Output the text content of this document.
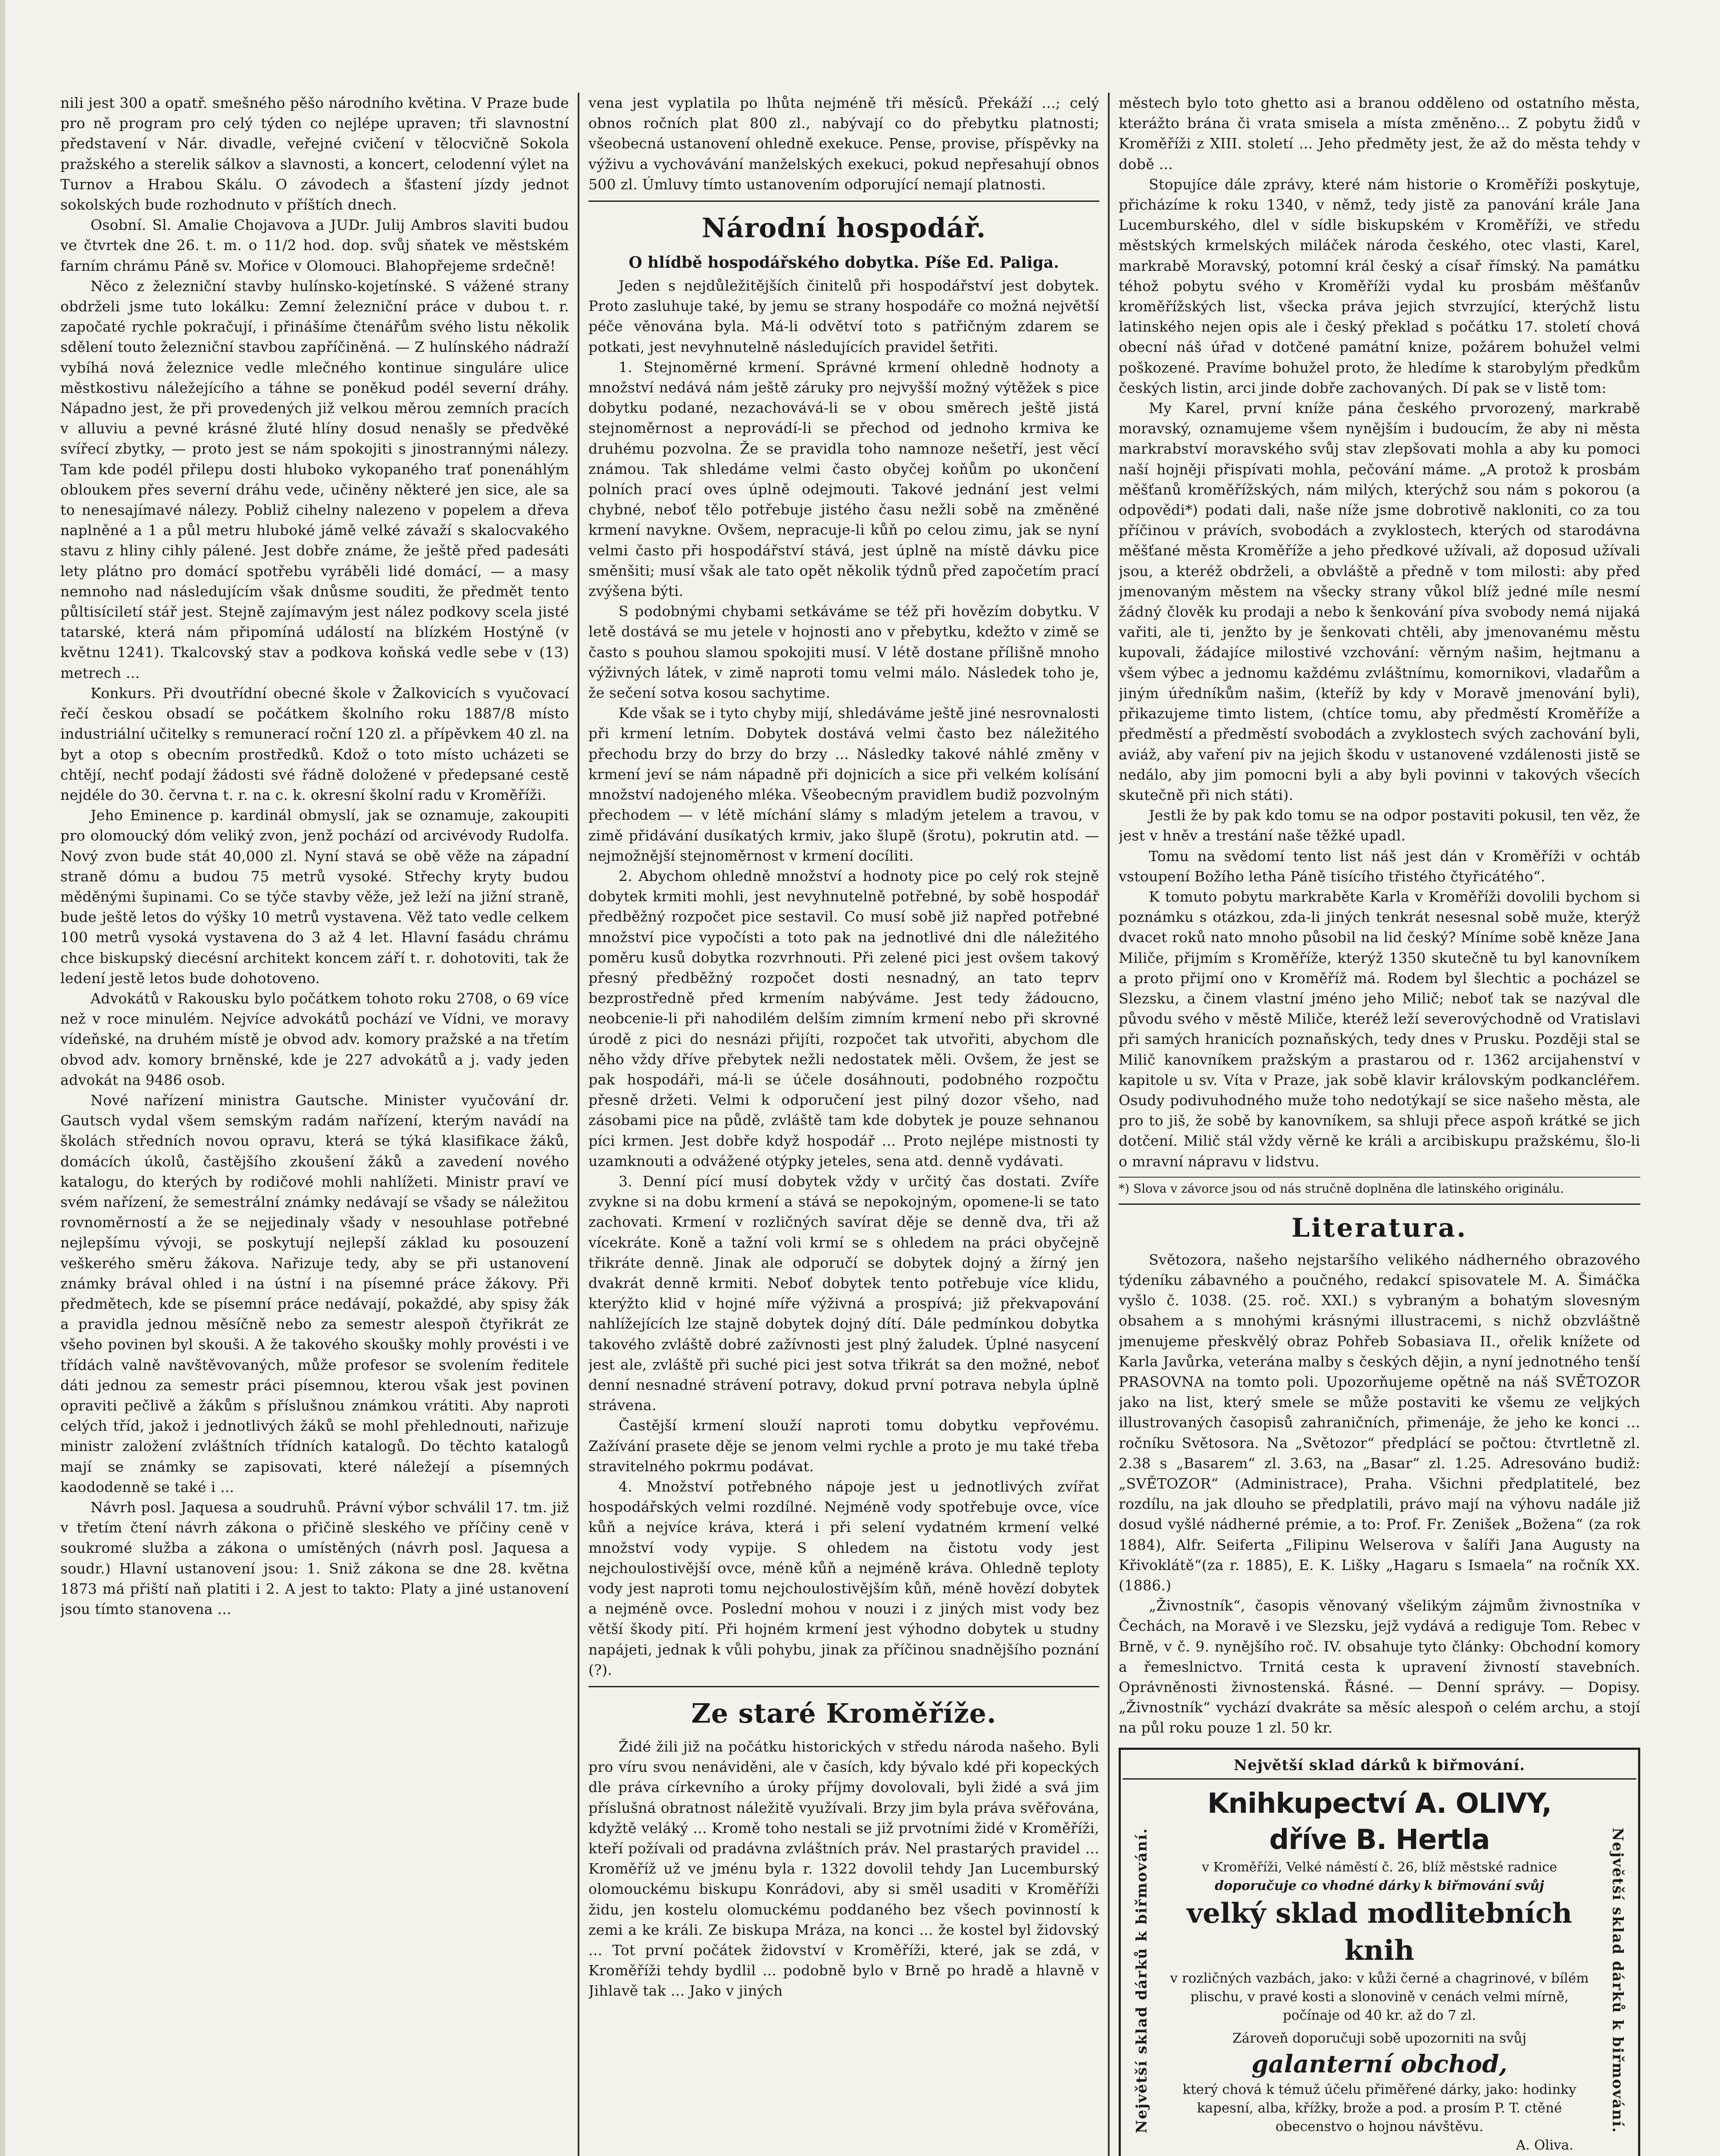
nili jest 300 a opatř. smešného pěšo národního květina. V Praze bude pro ně program pro celý týden co nejlépe upraven; tři slavnostní představení v Nár. divadle, veřejné cvičení v tělocvičně Sokola pražského a sterelik sálkov a slavnosti, a koncert, celodenní výlet na Turnov a Hrabou Skálu. O závodech a šťastení jízdy jednot sokolských bude rozhodnuto v příštích dnech.

Osobní. Sl. Amalie Chojavova a JUDr. Julij Ambros slaviti budou ve čtvrtek dne 26. t. m. o 11/2 hod. dop. svůj sňatek ve městském farním chrámu Páně sv. Mořice v Olomouci. Blahopřejeme srdečně!

Něco z železniční stavby hulínsko-kojetínské. S vážené strany obdrželi jsme tuto lokálku: Zemní železniční práce v dubou t. r. započaté rychle pokračují, i přinášíme čtenářům svého listu několik sdělení touto železniční stavbou zapříčiněná. — Z hulínského nádraží vybíhá nová železnice vedle mlečného kontinue singuláre ulice městkostivu náležejícího a táhne se poněkud podél severní dráhy. Nápadno jest, že při provedených již velkou měrou zemních pracích v alluviu a pevné krásné žluté hlíny dosud nenašly se předvěké svířecí zbytky, — proto jest se nám spokojiti s jinostrannými nálezy. Tam kde podél přilepu dosti hluboko vykopaného trať ponenáhlým obloukem přes severní dráhu vede, učiněny některé jen sice, ale sa to nenesajímavé nálezy. Pobliž cihelny nalezeno v popelem a dřeva naplněné a 1 a půl metru hluboké jámě velké závaží s skalocvakého stavu z hliny cihly pálené. Jest dobře známe, že ještě před padesáti lety plátno pro domácí spotřebu vyráběli lidé domácí, — a masy nemnoho nad následujícím však dnůsme souditi, že předmět tento půltisíciletí stář jest. Stejně zajímavým jest nález podkovy scela jisté tatarské, která nám připomíná událostí na blízkém Hostýně (v květnu 1241). Tkalcovský stav a podkova koňská vedle sebe v (13) metrech ...

Konkurs. Při dvoutřídní obecné škole v Žalkovicích s vyučovací řečí českou obsadí se počátkem školního roku 1887/8 místo industriální učitelky s remunerací roční 120 zl. a přípěvkem 40 zl. na byt a otop s obecním prostředků. Kdož o toto místo ucházeti se chtějí, nechť podají žádosti své řádně doložené v předepsané cestě nejdéle do 30. června t. r. na c. k. okresní školní radu v Kroměříži.

Jeho Eminence p. kardinál obmyslí, jak se oznamuje, zakoupiti pro olomoucký dóm veliký zvon, jenž pochází od arcivévody Rudolfa. Nový zvon bude stát 40,000 zl. Nyní stavá se obě věže na západní straně dómu a budou 75 metrů vysoké. Střechy kryty budou měděnými šupinami. Co se týče stavby věže, jež leží na jižní straně, bude ještě letos do výšky 10 metrů vystavena. Věž tato vedle celkem 100 metrů vysoká vystavena do 3 až 4 let. Hlavní fasádu chrámu chce biskupský diecésní architekt koncem září t. r. dohotoviti, tak že ledení jestě letos bude dohotoveno.

Advokátů v Rakousku bylo počátkem tohoto roku 2708, o 69 více než v roce minulém. Nejvíce advokátů pochází ve Vídni, ve moravy vídeňské, na druhém místě je obvod adv. komory pražské a na třetím obvod adv. komory brněnské, kde je 227 advokátů a j. vady jeden advokát na 9486 osob.

Nové nařízení ministra Gautsche. Minister vyučování dr. Gautsch vydal všem semským radám nařízení, kterým navádí na školách středních novou opravu, která se týká klasifikace žáků, domácích úkolů, častějšího zkoušení žáků a zavedení nového katalogu, do kterých by rodičové mohli nahlížeti. Ministr praví ve svém nařízení, že semestrální známky nedávají se všady se náležitou rovnoměrností a že se nejjedinaly všady v nesouhlase potřebné nejlepšímu vývoji, se poskytují nejlepší základ ku posouzení veškerého směru žákova. Nařizuje tedy, aby se při ustanovení známky brával ohled i na ústní i na písemné práce žákovy. Při předmětech, kde se písemní práce nedávají, pokaždé, aby spisy žák a pravidla jednou měsíčně nebo za semestr alespoň čtyřikrát ze všeho povinen byl skouši. A že takového skoušky mohly provésti i ve třídách valně navštěvovaných, může profesor se svolením ředitele dáti jednou za semestr práci písemnou, kterou však jest povinen opraviti pečlivě a žákům s příslušnou známkou vrátiti. Aby naproti celých tříd, jakož i jednotlivých žáků se mohl přehlednouti, nařizuje ministr založení zvláštních třídních katalogů. Do těchto katalogů mají se známky se zapisovati, které náležejí a písemných kaododenně se také i ...

Návrh posl. Jaquesa a soudruhů. Právní výbor schválil 17. tm. již v třetím čtení návrh zákona o přičině sleského ve příčiny ceně v soukromé služba a zákona o umístěných (návrh posl. Jaquesa a soudr.) Hlavní ustanovení jsou: 1. Sniž zákona se dne 28. května 1873 má přiští naň platiti i 2. A jest to takto: Platy a jiné ustanovení jsou tímto stanovena ...

vena jest vyplatila po lhůta nejméně tři měsíců. Překáží ...; celý obnos ročních plat 800 zl., nabývají co do přebytku platnosti; všeobecná ustanovení ohledně exekuce. Pense, provise, příspěvky na výživu a vychovávání manželských exekuci, pokud nepřesahují obnos 500 zl. Úmluvy tímto ustanovením odporující nemají platnosti.

Národní hospodář.
O hlídbě hospodářského dobytka. Píše Ed. Paliga.

Jeden s nejdůležitějších činitelů při hospodářství jest dobytek. Proto zasluhuje také, by jemu se strany hospodáře co možná největší péče věnována byla. Má-li odvětví toto s patřičným zdarem se potkati, jest nevyhnutelně následujících pravidel šetřiti.

1. Stejnoměrné krmení. Správné krmení ohledně hodnoty a množství nedává nám ještě záruky pro nejvyšší možný výtěžek s pice dobytku podané, nezachovává-li se v obou směrech ještě jistá stejnoměrnost a neprovádí-li se přechod od jednoho krmiva ke druhému pozvolna. Že se pravidla toho namnoze nešetří, jest věcí známou. Tak shledáme velmi často obyčej koňům po ukončení polních prací oves úplně odejmouti. Takové jednání jest velmi chybné, neboť tělo potřebuje jistého času nežli sobě na změněné krmení navykne. Ovšem, nepracuje-li kůň po celou zimu, jak se nyní velmi často při hospodářství stává, jest úplně na místě dávku pice směnšiti; musí však ale tato opět několik týdnů před započetím prací zvýšena býti.

S podobnými chybami setkáváme se též při hovězím dobytku. V letě dostává se mu jetele v hojnosti ano v přebytku, kdežto v zimě se často s pouhou slamou spokojiti musí. V létě dostane přílišně mnoho výživných látek, v zimě naproti tomu velmi málo. Následek toho je, že sečení sotva kosou sachytime.

Kde však se i tyto chyby mijí, shledáváme ještě jiné nesrovnalosti při krmení letním. Dobytek dostává velmi často bez náležitého přechodu brzy do brzy do brzy ... Následky takové náhlé změny v krmení jeví se nám nápadně při dojnicích a sice při velkém kolísání množství nadojeného mléka. Všeobecným pravidlem budiž pozvolným přechodem — v létě míchání slámy s mladým jetelem a travou, v zimě přidávání dusíkatých krmiv, jako šlupě (šrotu), pokrutin atd. — nejmožnější stejnoměrnost v krmení docíliti.

2. Abychom ohledně množství a hodnoty pice po celý rok stejně dobytek krmiti mohli, jest nevyhnutelně potřebné, by sobě hospodář předběžný rozpočet pice sestavil. Co musí sobě již napřed potřebné množství pice vypočísti a toto pak na jednotlivé dni dle náležitého poměru kusů dobytka rozvrhnouti. Při zelené pici jest ovšem takový přesný předběžný rozpočet dosti nesnadný, an tato teprv bezprostředně před krmením nabýváme. Jest tedy žádoucno, neobcenie-li při nahodilém delším zimním krmení nebo při skrovné úrodě z pici do nesnázi přijíti, rozpočet tak utvořiti, abychom dle něho vždy dříve přebytek nežli nedostatek měli. Ovšem, že jest se pak hospodáři, má-li se účele dosáhnouti, podobného rozpočtu přesně držeti. Velmi k odporučení jest pilný dozor všeho, nad zásobami pice na půdě, zvláště tam kde dobytek je pouze sehnanou píci krmen. Jest dobře když hospodář ... Proto nejlépe mistnosti ty uzamknouti a odvážené otýpky jeteles, sena atd. denně vydávati.

3. Denní pící musí dobytek vždy v určitý čas dostati. Zvíře zvykne si na dobu krmení a stává se nepokojným, opomene-li se tato zachovati. Krmení v rozličných savírat děje se denně dva, tři až vícekráte. Koně a tažní voli krmí se s ohledem na práci obyčejně třikráte denně. Jinak ale odporučí se dobytek dojný a žírný jen dvakrát denně krmiti. Neboť dobytek tento potřebuje více klidu, kterýžto klid v hojné míře výživná a prospívá; již překvapování nahlížejících lze stajně dobytek dojný dítí. Dále pedmínkou dobytka takového zvláště dobré zažívnosti jest plný žaludek. Úplné nasycení jest ale, zvláště při suché pici jest sotva třikrát sa den možné, neboť denní nesnadné strávení potravy, dokud první potrava nebyla úplně strávena.

Častější krmení slouží naproti tomu dobytku vepřovému. Zažívání prasete děje se jenom velmi rychle a proto je mu také třeba stravitelného pokrmu podávat.

4. Množství potřebného nápoje jest u jednotlivých zvířat hospodářských velmi rozdílné. Nejméně vody spotřebuje ovce, více kůň a nejvíce kráva, která i při selení vydatném krmení velké množství vody vypije. S ohledem na čistotu vody jest nejchoulostivější ovce, méně kůň a nejméně kráva. Ohledně teploty vody jest naproti tomu nejchoulostivějším kůň, méně hovězí dobytek a nejméně ovce. Poslední mohou v nouzi i z jiných mist vody bez větší škody pití. Při hojném krmení jest výhodno dobytek u studny napájeti, jednak k vůli pohybu, jinak za příčinou snadnějšího poznání (?).

Ze staré Kroměříže.

Židé žili již na počátku historických v středu národa našeho. Byli pro víru svou nenáviděni, ale v časích, kdy bývalo kdé při kopeckých dle práva církevního a úroky příjmy dovolovali, byli židé a svá jim příslušná obratnost náležitě využívali. Brzy jim byla práva svěřována, kdyžtě veláký ... Kromě toho nestali se již prvotními židé v Kroměříži, kteří požívali od pradávna zvláštních práv. Nel prastarých pravidel ... Kroměříž už ve jménu byla r. 1322 dovolil tehdy Jan Lucemburský olomouckému biskupu Konrádovi, aby si směl usaditi v Kroměříži židu, jen kostelu olomuckému poddaného bez všech povinností k zemi a ke králi. Ze biskupa Mráza, na konci ... že kostel byl židovský ... Tot první počátek židovství v Kroměříži, které, jak se zdá, v Kroměříži tehdy bydlil ... podobně bylo v Brně po hradě a hlavně v Jihlavě tak ... Jako v jiných

městech bylo toto ghetto asi a branou odděleno od ostatního města, kterážto brána či vrata smisela a místa změněno... Z pobytu židů v Kroměříži z XIII. století ... Jeho předměty jest, že až do města tehdy v době ...

Stopujíce dále zprávy, které nám historie o Kroměříži poskytuje, přicházíme k roku 1340, v němž, tedy jistě za panování krále Jana Lucemburského, dlel v sídle biskupském v Kroměříži, ve středu městských krmelských miláček národa českého, otec vlasti, Karel, markrabě Moravský, potomní král český a císař římský. Na památku téhož pobytu svého v Kroměříži vydal ku prosbám měšťanův kroměřížských list, všecka práva jejich stvrzující, kterýchž listu latinského nejen opis ale i český překlad s počátku 17. století chová obecní náš úřad v dotčené památní knize, požárem bohužel velmi poškozené. Pravíme bohužel proto, že hledíme k starobylým předkům českých listin, arci jinde dobře zachovaných. Dí pak se v listě tom:

My Karel, první kníže pána českého prvorozený, markrabě moravský, oznamujeme všem nynějším i budoucím, že aby ni města markrabství moravského svůj stav zlepšovati mohla a aby ku pomoci naší hojněji přispívati mohla, pečování máme. „A protož k prosbám měšťanů kroměřížských, nám milých, kterýchž sou nám s pokorou (a odpovědi*) podati dali, naše níže jsme dobrotivě nakloniti, co za tou příčinou v právích, svobodách a zvyklostech, kterých od starodávna měšťané města Kroměříže a jeho předkové užívali, až doposud užívali jsou, a kteréž obdrželi, a obvláště a předně v tom milosti: aby před jmenovaným městem na všecky strany vůkol blíž jedné míle nesmí žádný člověk ku prodaji a nebo k šenkování píva svobody nemá nijaká vařiti, ale ti, jenžto by je šenkovati chtěli, aby jmenovanému městu kupovali, žádajíce milostivé vzchování: věrným našim, hejtmanu a všem výbec a jednomu každému zvláštnímu, komornikovi, vladařům a jiným úředníkům našim, (kteříž by kdy v Moravě jmenování byli), přikazujeme timto listem, (chtíce tomu, aby předměstí Kroměříže a předměstí a předměstí svobodách a zvyklostech svých zachování byli, aviáž, aby vaření piv na jejich škodu v ustanovené vzdálenosti jistě se nedálo, aby jim pomocni byli a aby byli povinni v takových všecích skutečně při nich státi).

Jestli že by pak kdo tomu se na odpor postaviti pokusil, ten věz, že jest v hněv a trestání naše těžké upadl.

Tomu na svědomí tento list náš jest dán v Kroměříži v ochtáb vstoupení Božího letha Páně tisícího třistého čtyřicátého“.

K tomuto pobytu markraběte Karla v Kroměříži dovolili bychom si poznámku s otázkou, zda-li jiných tenkrát nesesnal sobě muže, kterýž dvacet roků nato mnoho působil na lid český? Míníme sobě kněze Jana Miliče, přijmím s Kroměříže, kterýž 1350 skutečně tu byl kanovníkem a proto přijmí ono v Kroměříž má. Rodem byl šlechtic a pocházel se Slezsku, a činem vlastní jméno jeho Milič; neboť tak se nazýval dle původu svého v městě Miliče, kteréž leží severovýchodně od Vratislavi při samých hranicích poznaňských, tedy dnes v Prusku. Později stal se Milič kanovníkem pražským a prastarou od r. 1362 arcijahenství v kapitole u sv. Víta v Praze, jak sobě klavir královským podkancléřem. Osudy podivuhodného muže toho nedotýkají se sice našeho města, ale pro to jiš, že sobě by kanovníkem, sa shluji přece aspoň krátké se jich dotčení. Milič stál vždy věrně ke králi a arcibiskupu pražskému, šlo-li o mravní nápravu v lidstvu.

*) Slova v závorce jsou od nás stručně doplněna dle latinského originálu.
Literatura.

Světozora, našeho nejstaršího velikého nádherného obrazového týdeníku zábavného a poučného, redakcí spisovatele M. A. Šimáčka vyšlo č. 1038. (25. roč. XXI.) s vybraným a bohatým slovesným obsahem a s mnohými krásnými illustracemi, s nichž obzvláštně jmenujeme přeskvělý obraz Pohřeb Sobasiava II., ořelik knížete od Karla Javůrka, veterána malby s českých dějin, a nyní jednotného tenší PRASOVNA na tomto poli. Upozorňujeme opětně na náš SVĚTOZOR jako na list, který smele se může postaviti ke všemu ze veljkých illustrovaných časopisů zahraničních, přimenáje, že jeho ke konci ... ročníku Světosora. Na „Světozor“ předplácí se počtou: čtvrtletně zl. 2.38 s „Basarem“ zl. 3.63, na „Basar“ zl. 1.25. Adresováno budiž: „SVĚTOZOR“ (Administrace), Praha. Všichni předplatitelé, bez rozdílu, na jak dlouho se předplatili, právo mají na výhovu nadále již dosud vyšlé nádherné prémie, a to: Prof. Fr. Zenišek „Božena“ (za rok 1884), Alfr. Seiferta „Filipinu Welserova v šalíři Jana Augusty na Křivoklátě“(za r. 1885), E. K. Lišky „Hagaru s Ismaela“ na ročník XX. (1886.)

„Živnostník“, časopis věnovaný všelikým zájmům živnostníka v Čechách, na Moravě i ve Slezsku, jejž vydává a rediguje Tom. Rebec v Brně, v č. 9. nynějšího roč. IV. obsahuje tyto články: Obchodní komory a řemeslnictvo. Trnitá cesta k upravení živností stavebních. Oprávněnosti živnostenská. Řásné. — Denní správy. — Dopisy. „Živnostník“ vychází dvakráte sa měsíc alespoň o celém archu, a stojí na půl roku pouze 1 zl. 50 kr.

Největší sklad dárků k biřmování.
Největší sklad dárků k biřmování.	Největší sklad dárků k biřmování.
Knihkupectví A. OLIVY, dříve B. Hertla
v Kroměříži, Velké náměstí č. 26, blíž městské radnice
doporučuje co vhodné dárky k biřmování svůj
velký sklad modlitebních knih
v rozličných vazbách, jako: v kůži černé a chagrinové, v bílém plischu, v pravé kosti a slonovině v cenách velmi mírně, počínaje od 40 kr. až do 7 zl.
Zároveň doporučuji sobě upozorniti na svůj
galanterní obchod,
který chová k témuž účelu přiměřené dárky, jako: hodinky kapesní, alba, křížky, brože a pod. a prosím P. T. ctěné obecenstvo o hojnou návštěvu.
A. Oliva.
